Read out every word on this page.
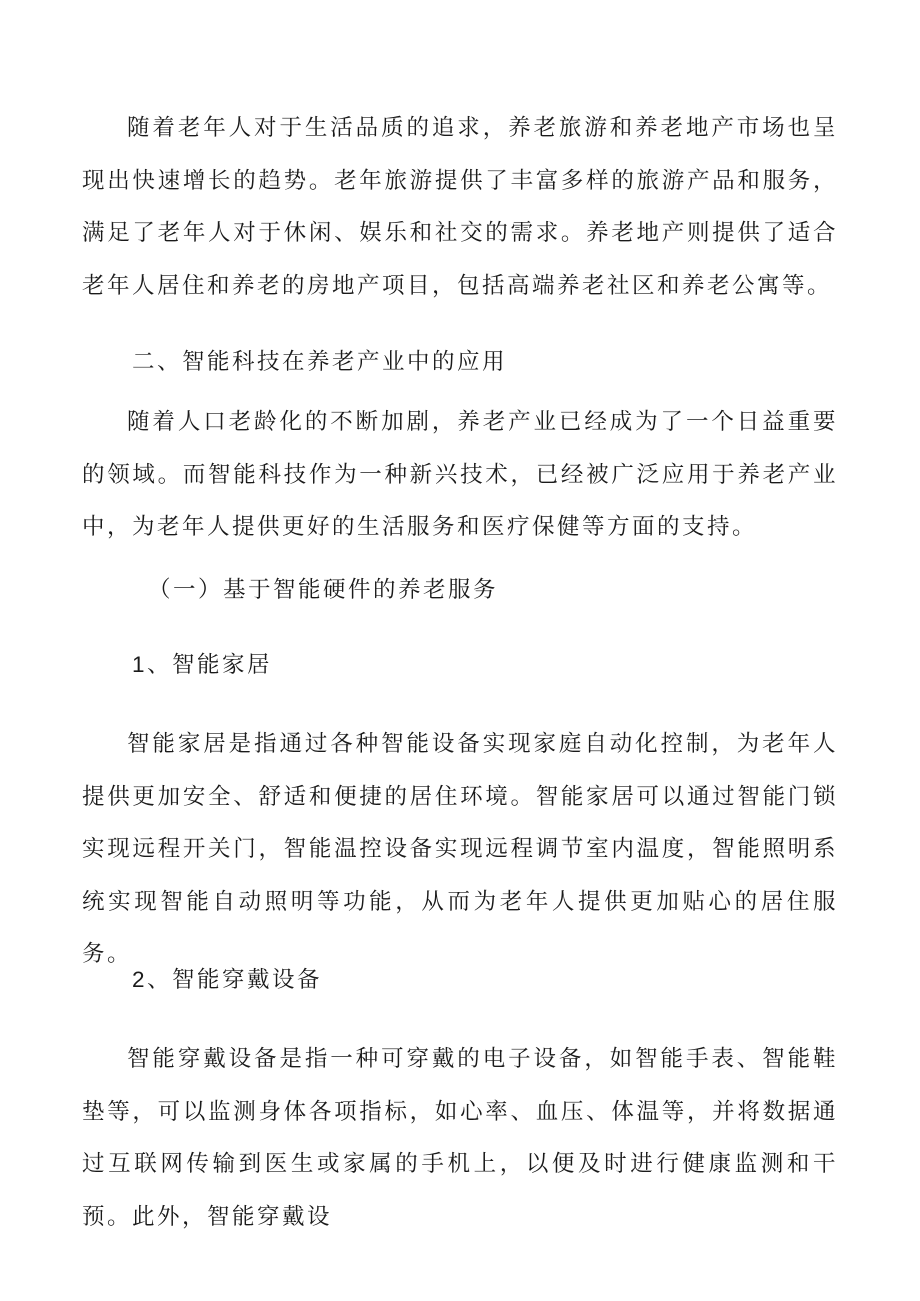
随着老年人对于生活品质的追求，养老旅游和养老地产市场也呈现出快速增长的趋势。老年旅游提供了丰富多样的旅游产品和服务，满足了老年人对于休闲、娱乐和社交的需求。养老地产则提供了适合老年人居住和养老的房地产项目，包括高端养老社区和养老公寓等。

二、智能科技在养老产业中的应用

随着人口老龄化的不断加剧，养老产业已经成为了一个日益重要的领域。而智能科技作为一种新兴技术，已经被广泛应用于养老产业中，为老年人提供更好的生活服务和医疗保健等方面的支持。

（一）基于智能硬件的养老服务

1、智能家居

智能家居是指通过各种智能设备实现家庭自动化控制，为老年人提供更加安全、舒适和便捷的居住环境。智能家居可以通过智能门锁实现远程开关门，智能温控设备实现远程调节室内温度，智能照明系统实现智能自动照明等功能，从而为老年人提供更加贴心的居住服务。

2、智能穿戴设备

智能穿戴设备是指一种可穿戴的电子设备，如智能手表、智能鞋垫等，可以监测身体各项指标，如心率、血压、体温等，并将数据通过互联网传输到医生或家属的手机上，以便及时进行健康监测和干预。此外，智能穿戴设
